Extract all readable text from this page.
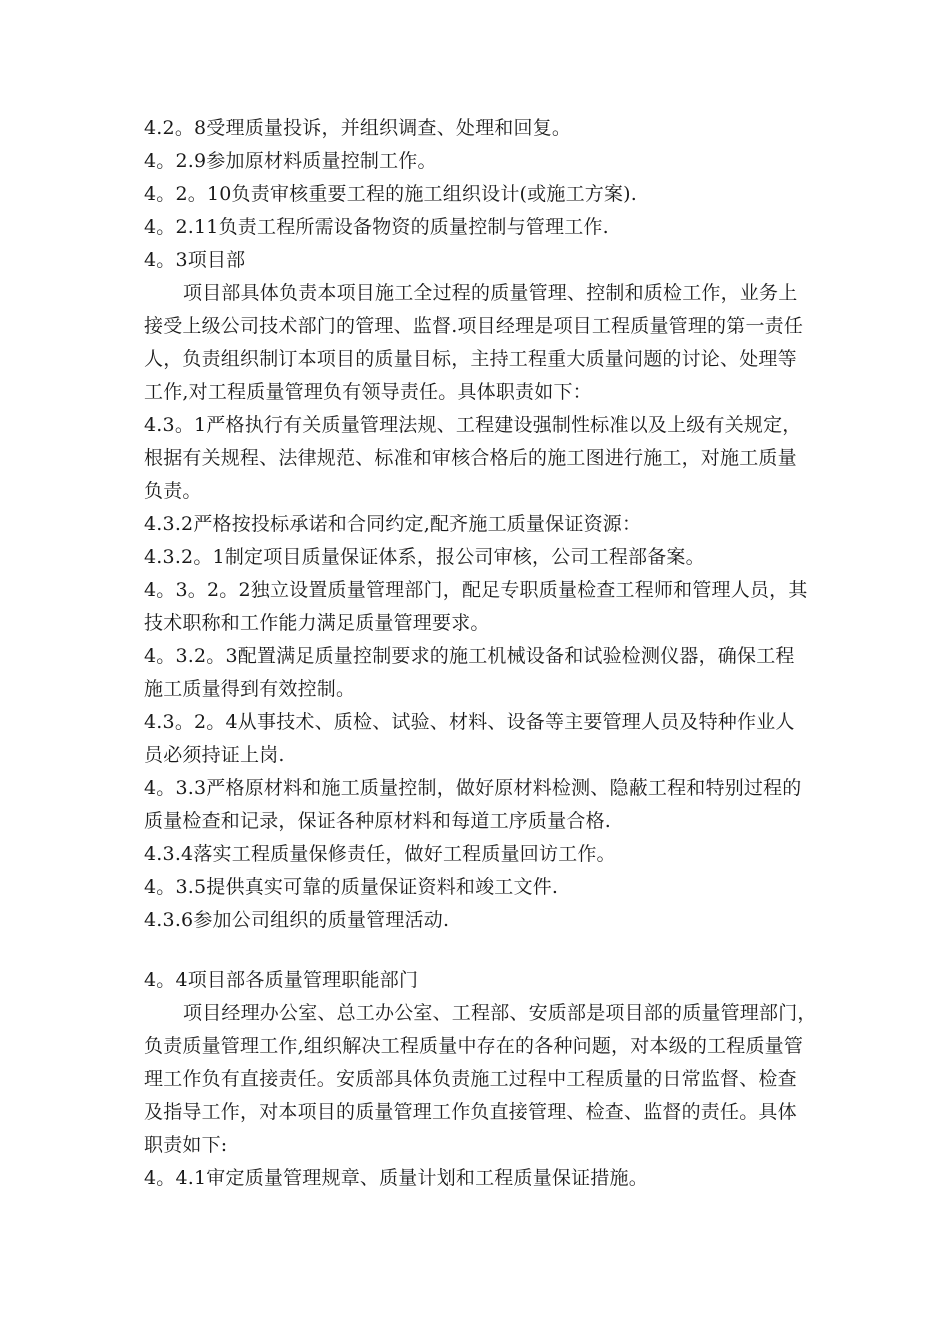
4.2。8受理质量投诉，并组织调查、处理和回复。
4。2.9参加原材料质量控制工作。
4。2。10负责审核重要工程的施工组织设计(或施工方案).
4。2.11负责工程所需设备物资的质量控制与管理工作.
4。3项目部
项目部具体负责本项目施工全过程的质量管理、控制和质检工作，业务上
接受上级公司技术部门的管理、监督.项目经理是项目工程质量管理的第一责任
人，负责组织制订本项目的质量目标，主持工程重大质量问题的讨论、处理等
工作,对工程质量管理负有领导责任。具体职责如下：
4.3。1严格执行有关质量管理法规、工程建设强制性标准以及上级有关规定，
根据有关规程、法律规范、标准和审核合格后的施工图进行施工，对施工质量
负责。
4.3.2严格按投标承诺和合同约定,配齐施工质量保证资源：
4.3.2。1制定项目质量保证体系，报公司审核，公司工程部备案。
4。3。2。2独立设置质量管理部门，配足专职质量检查工程师和管理人员，其
技术职称和工作能力满足质量管理要求。
4。3.2。3配置满足质量控制要求的施工机械设备和试验检测仪器，确保工程
施工质量得到有效控制。
4.3。2。4从事技术、质检、试验、材料、设备等主要管理人员及特种作业人
员必须持证上岗.
4。3.3严格原材料和施工质量控制，做好原材料检测、隐蔽工程和特别过程的
质量检查和记录，保证各种原材料和每道工序质量合格.
4.3.4落实工程质量保修责任，做好工程质量回访工作。
4。3.5提供真实可靠的质量保证资料和竣工文件.
4.3.6参加公司组织的质量管理活动.
4。4项目部各质量管理职能部门
项目经理办公室、总工办公室、工程部、安质部是项目部的质量管理部门，
负责质量管理工作,组织解决工程质量中存在的各种问题，对本级的工程质量管
理工作负有直接责任。安质部具体负责施工过程中工程质量的日常监督、检查
及指导工作，对本项目的质量管理工作负直接管理、检查、监督的责任。具体
职责如下:
4。4.1审定质量管理规章、质量计划和工程质量保证措施。
